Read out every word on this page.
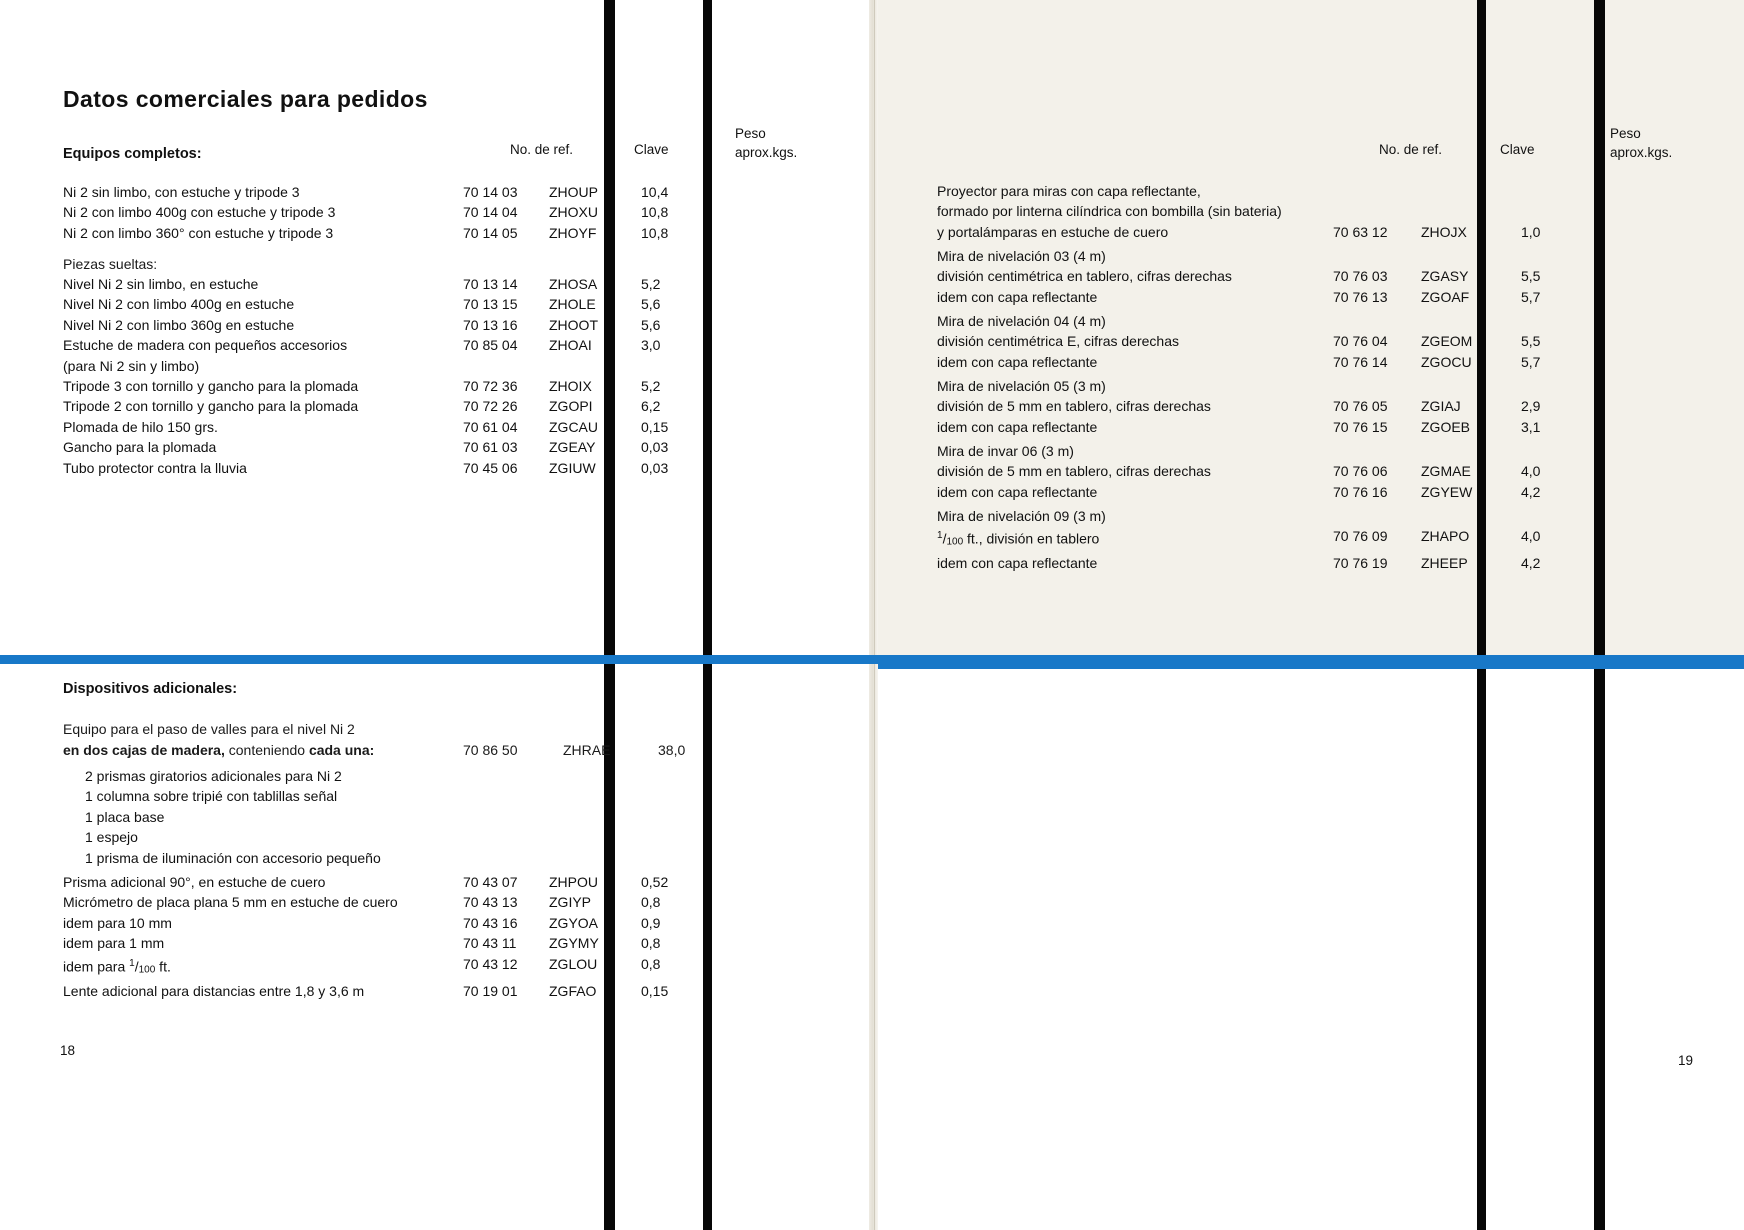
Datos comerciales para pedidos
Equipos completos:	No. de ref.	Clave
Peso
aprox.kgs.
Ni 2 sin limbo, con estuche y tripode 3	70 14 03	ZHOUP	10,4
Ni 2 con limbo 400ɡ con estuche y tripode 3	70 14 04	ZHOXU	10,8
Ni 2 con limbo 360° con estuche y tripode 3	70 14 05	ZHOYF	10,8
Piezas sueltas:
Nivel Ni 2 sin limbo, en estuche	70 13 14	ZHOSA	5,2
Nivel Ni 2 con limbo 400ɡ en estuche	70 13 15	ZHOLE	5,6
Nivel Ni 2 con limbo 360ɡ en estuche	70 13 16	ZHOOT	5,6
Estuche de madera con pequeños accesorios	70 85 04	ZHOAI	3,0
(para Ni 2 sin y limbo)			
Tripode 3 con tornillo y gancho para la plomada	70 72 36	ZHOIX	5,2
Tripode 2 con tornillo y gancho para la plomada	70 72 26	ZGOPI	6,2
Plomada de hilo 150 grs.	70 61 04	ZGCAU	0,15
Gancho para la plomada	70 61 03	ZGEAY	0,03
Tubo protector contra la lluvia	70 45 06	ZGIUW	0,03
Dispositivos adicionales:
Equipo para el paso de valles para el nivel Ni 2
en dos cajas de madera, conteniendo cada una:	70 86 50	ZHRAE	38,0
2 prismas giratorios adicionales para Ni 2
1 columna sobre tripié con tablillas señal
1 placa base
1 espejo
1 prisma de iluminación con accesorio pequeño
Prisma adicional 90°, en estuche de cuero	70 43 07	ZHPOU	0,52
Micrómetro de placa plana 5 mm en estuche de cuero	70 43 13	ZGIYP	0,8
idem para 10 mm	70 43 16	ZGYOA	0,9
idem para 1 mm	70 43 11	ZGYMY	0,8
idem para $^1/_{100}$ ft.	70 43 12	ZGLOU	0,8
Lente adicional para distancias entre 1,8 y 3,6 m	70 19 01	ZGFAO	0,15
18
No. de ref.	Clave
Peso
aprox.kgs.
Proyector para miras con capa reflectante,			
formado por linterna cilíndrica con bombilla (sin bateria)			
y portalámparas en estuche de cuero	70 63 12	ZHOJX	1,0
Mira de nivelación 03 (4 m)			
división centimétrica en tablero, cifras derechas	70 76 03	ZGASY	5,5
idem con capa reflectante	70 76 13	ZGOAF	5,7
Mira de nivelación 04 (4 m)			
división centimétrica E, cifras derechas	70 76 04	ZGEOM	5,5
idem con capa reflectante	70 76 14	ZGOCU	5,7
Mira de nivelación 05 (3 m)			
división de 5 mm en tablero, cifras derechas	70 76 05	ZGIAJ	2,9
idem con capa reflectante	70 76 15	ZGOEB	3,1
Mira de invar 06 (3 m)			
división de 5 mm en tablero, cifras derechas	70 76 06	ZGMAE	4,0
idem con capa reflectante	70 76 16	ZGYEW	4,2
Mira de nivelación 09 (3 m)			
$^1/_{100}$ ft., división en tablero	70 76 09	ZHAPO	4,0
idem con capa reflectante	70 76 19	ZHEEP	4,2
19
